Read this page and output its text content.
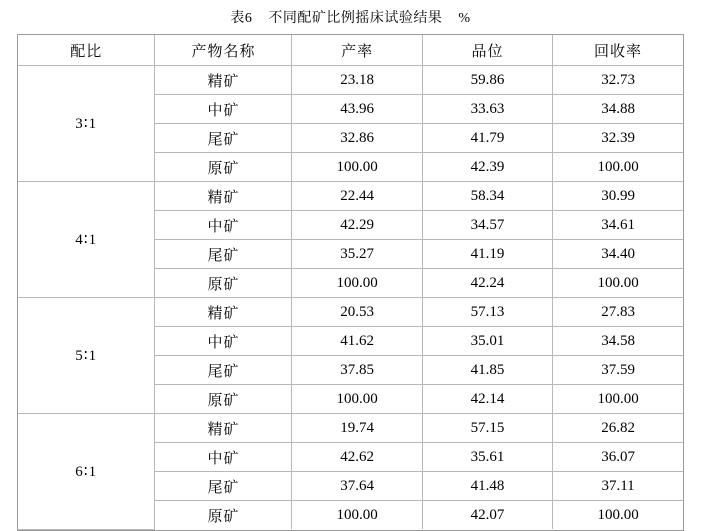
表6    不同配矿比例摇床试验结果    %
配比	产物名称	产率	品位	回收率
3∶1	精矿	23.18	59.86	32.73
	中矿	43.96	33.63	34.88
	尾矿	32.86	41.79	32.39
	原矿	100.00	42.39	100.00
4∶1	精矿	22.44	58.34	30.99
	中矿	42.29	34.57	34.61
	尾矿	35.27	41.19	34.40
	原矿	100.00	42.24	100.00
5∶1	精矿	20.53	57.13	27.83
	中矿	41.62	35.01	34.58
	尾矿	37.85	41.85	37.59
	原矿	100.00	42.14	100.00
6∶1	精矿	19.74	57.15	26.82
	中矿	42.62	35.61	36.07
	尾矿	37.64	41.48	37.11
	原矿	100.00	42.07	100.00
